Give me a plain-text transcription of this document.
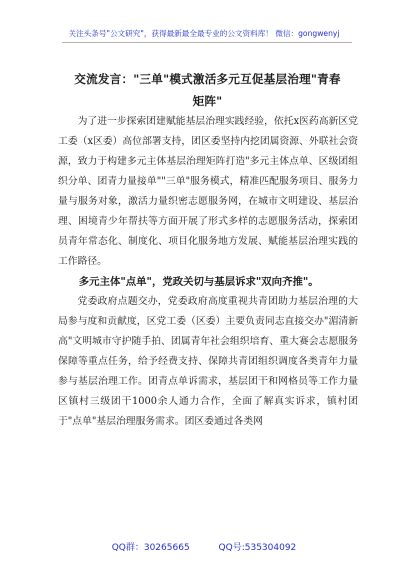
关注头条号"公文研究"，获得最新最全最专业的公文资料库！ 微信：gongwenyj
交流发言："三单"模式激活多元互促基层治理"青春矩阵"

为了进一步探索团建赋能基层治理实践经验，依托x医药高新区党工委（x区委）高位部署支持，团区委坚持内挖团属资源、外联社会资源，致力于构建多元主体基层治理矩阵打造"多元主体点单、区级团组织分单、团青力量接单""三单"服务模式，精准匹配服务项目、服务力量与服务对象，激活力量织密志愿服务网，在城市文明建设、基层治理、困境青少年帮扶等方面开展了形式多样的志愿服务活动，探索团员青年常态化、制度化、项目化服务地方发展、赋能基层治理实践的工作路径。

多元主体"点单"，党政关切与基层诉求"双向齐推"。

党委政府点题交办，党委政府高度重视共青团助力基层治理的大局参与度和贡献度，区党工委（区委）主要负责同志直接交办"湄清新高"文明城市守护随手拍、团属青年社会组织培育、重大赛会志愿服务保障等重点任务，给予经费支持、保障共青团组织调度各类青年力量参与基层治理工作。团青点单诉需求，基层团干和网格员等工作力量区镇村三级团干1000余人通力合作，全面了解真实诉求，镇村团于"点单"基层治理服务需求。团区委通过各类网

QQ群：30265665	QQ号:535304092
